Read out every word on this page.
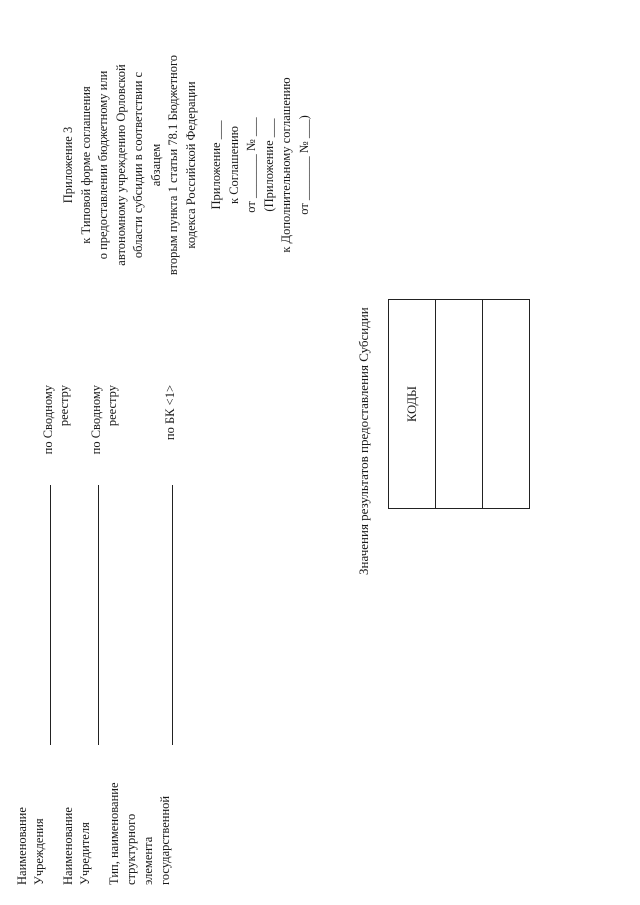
Приложение 3 к Типовой форме соглашения о предоставлении бюджетному или автономному учреждению Орловской области субсидии в соответствии с абзацем вторым пункта 1 статьи 78.1 Бюджетного кодекса Российской Федерации Приложение ___ к Соглашению от _______ № ___ (Приложение ___ к Дополнительному соглашению от _______ № ___)
Значения результатов предоставления Субсидии	КОДЫ

Наименование Учреждения
по Сводному реестру
Наименование Учредителя
по Сводному реестру
Тип, наименование структурного элемента государственной
по БК <1>
